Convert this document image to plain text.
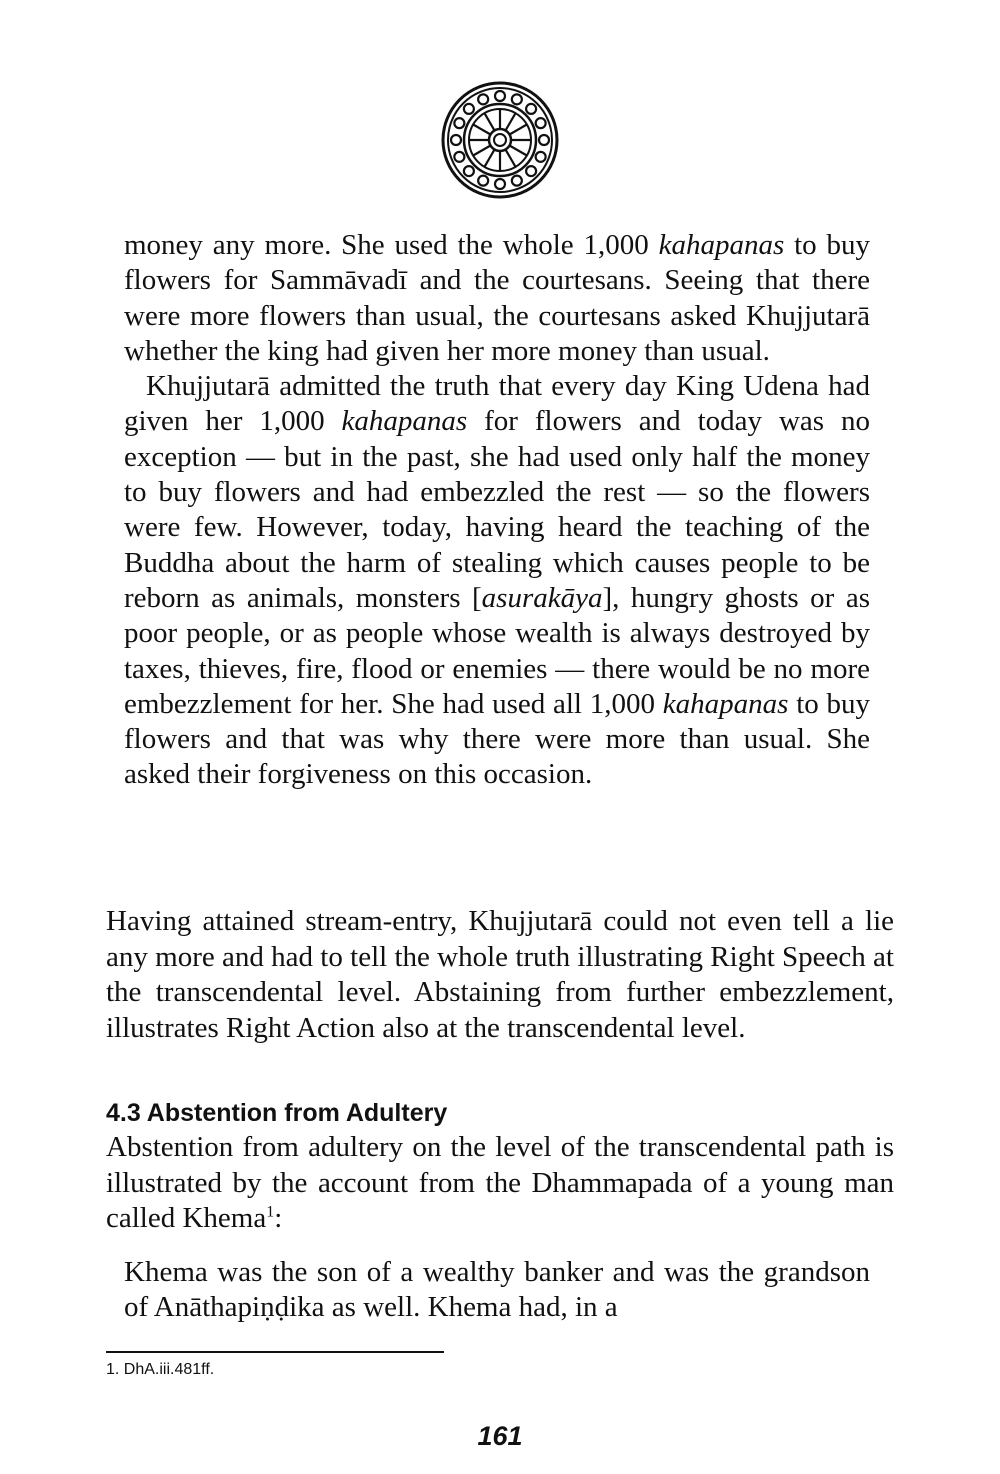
money any more. She used the whole 1,000 kahapanas to buy flowers for Sammāvadī and the courtesans. Seeing that there were more flowers than usual, the courtesans asked Khujjutarā whether the king had given her more money than usual.

Khujjutarā admitted the truth that every day King Udena had given her 1,000 kahapanas for flowers and today was no exception — but in the past, she had used only half the money to buy flowers and had embezzled the rest — so the flowers were few. However, today, having heard the teaching of the Buddha about the harm of stealing which causes people to be reborn as animals, monsters [asurakāya], hungry ghosts or as poor people, or as people whose wealth is always destroyed by taxes, thieves, fire, flood or enemies — there would be no more embezzlement for her. She had used all 1,000 kahapanas to buy flowers and that was why there were more than usual. She asked their forgiveness on this occasion.

Having attained stream-entry, Khujjutarā could not even tell a lie any more and had to tell the whole truth illustrating Right Speech at the transcendental level. Abstaining from further embezzlement, illustrates Right Action also at the transcendental level.

4.3 Abstention from Adultery

Abstention from adultery on the level of the transcendental path is illustrated by the account from the Dhammapada of a young man called Khema$^1$:

Khema was the son of a wealthy banker and was the grandson of Anāthapiṇḍika as well. Khema had, in a

1. DhA.iii.481ff.
161
